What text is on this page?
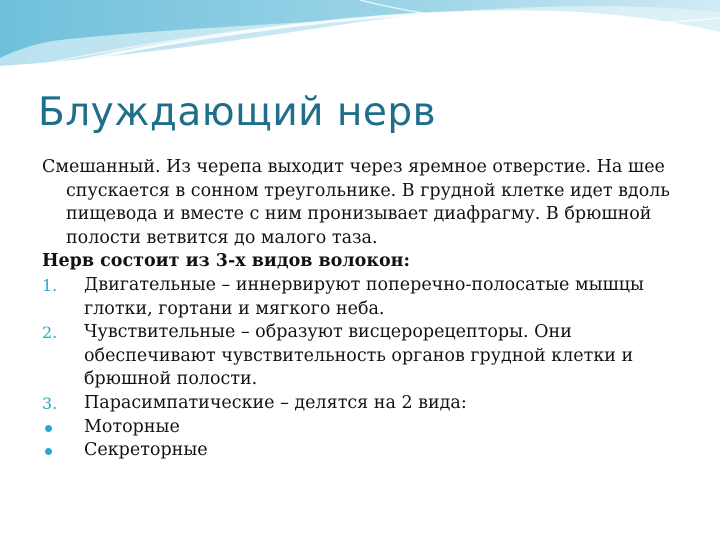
Блуждающий нерв

Смешанный. Из черепа выходит через яремное отверстие. На шее спускается в сонном треугольнике. В грудной клетке идет вдоль пищевода и вместе с ним пронизывает диафрагму. В брюшной полости ветвится до малого таза.

Нерв состоит из 3-х видов волокон:

1.	Двигательные – иннервируют поперечно-полосатые мышцы глотки, гортани и мягкого неба.
2.	Чувствительные – образуют висцерорецепторы. Они обеспечивают чувствительность органов грудной клетки и брюшной полости.
3.	Парасимпатические – делятся на 2 вида:
Моторные
Секреторные
